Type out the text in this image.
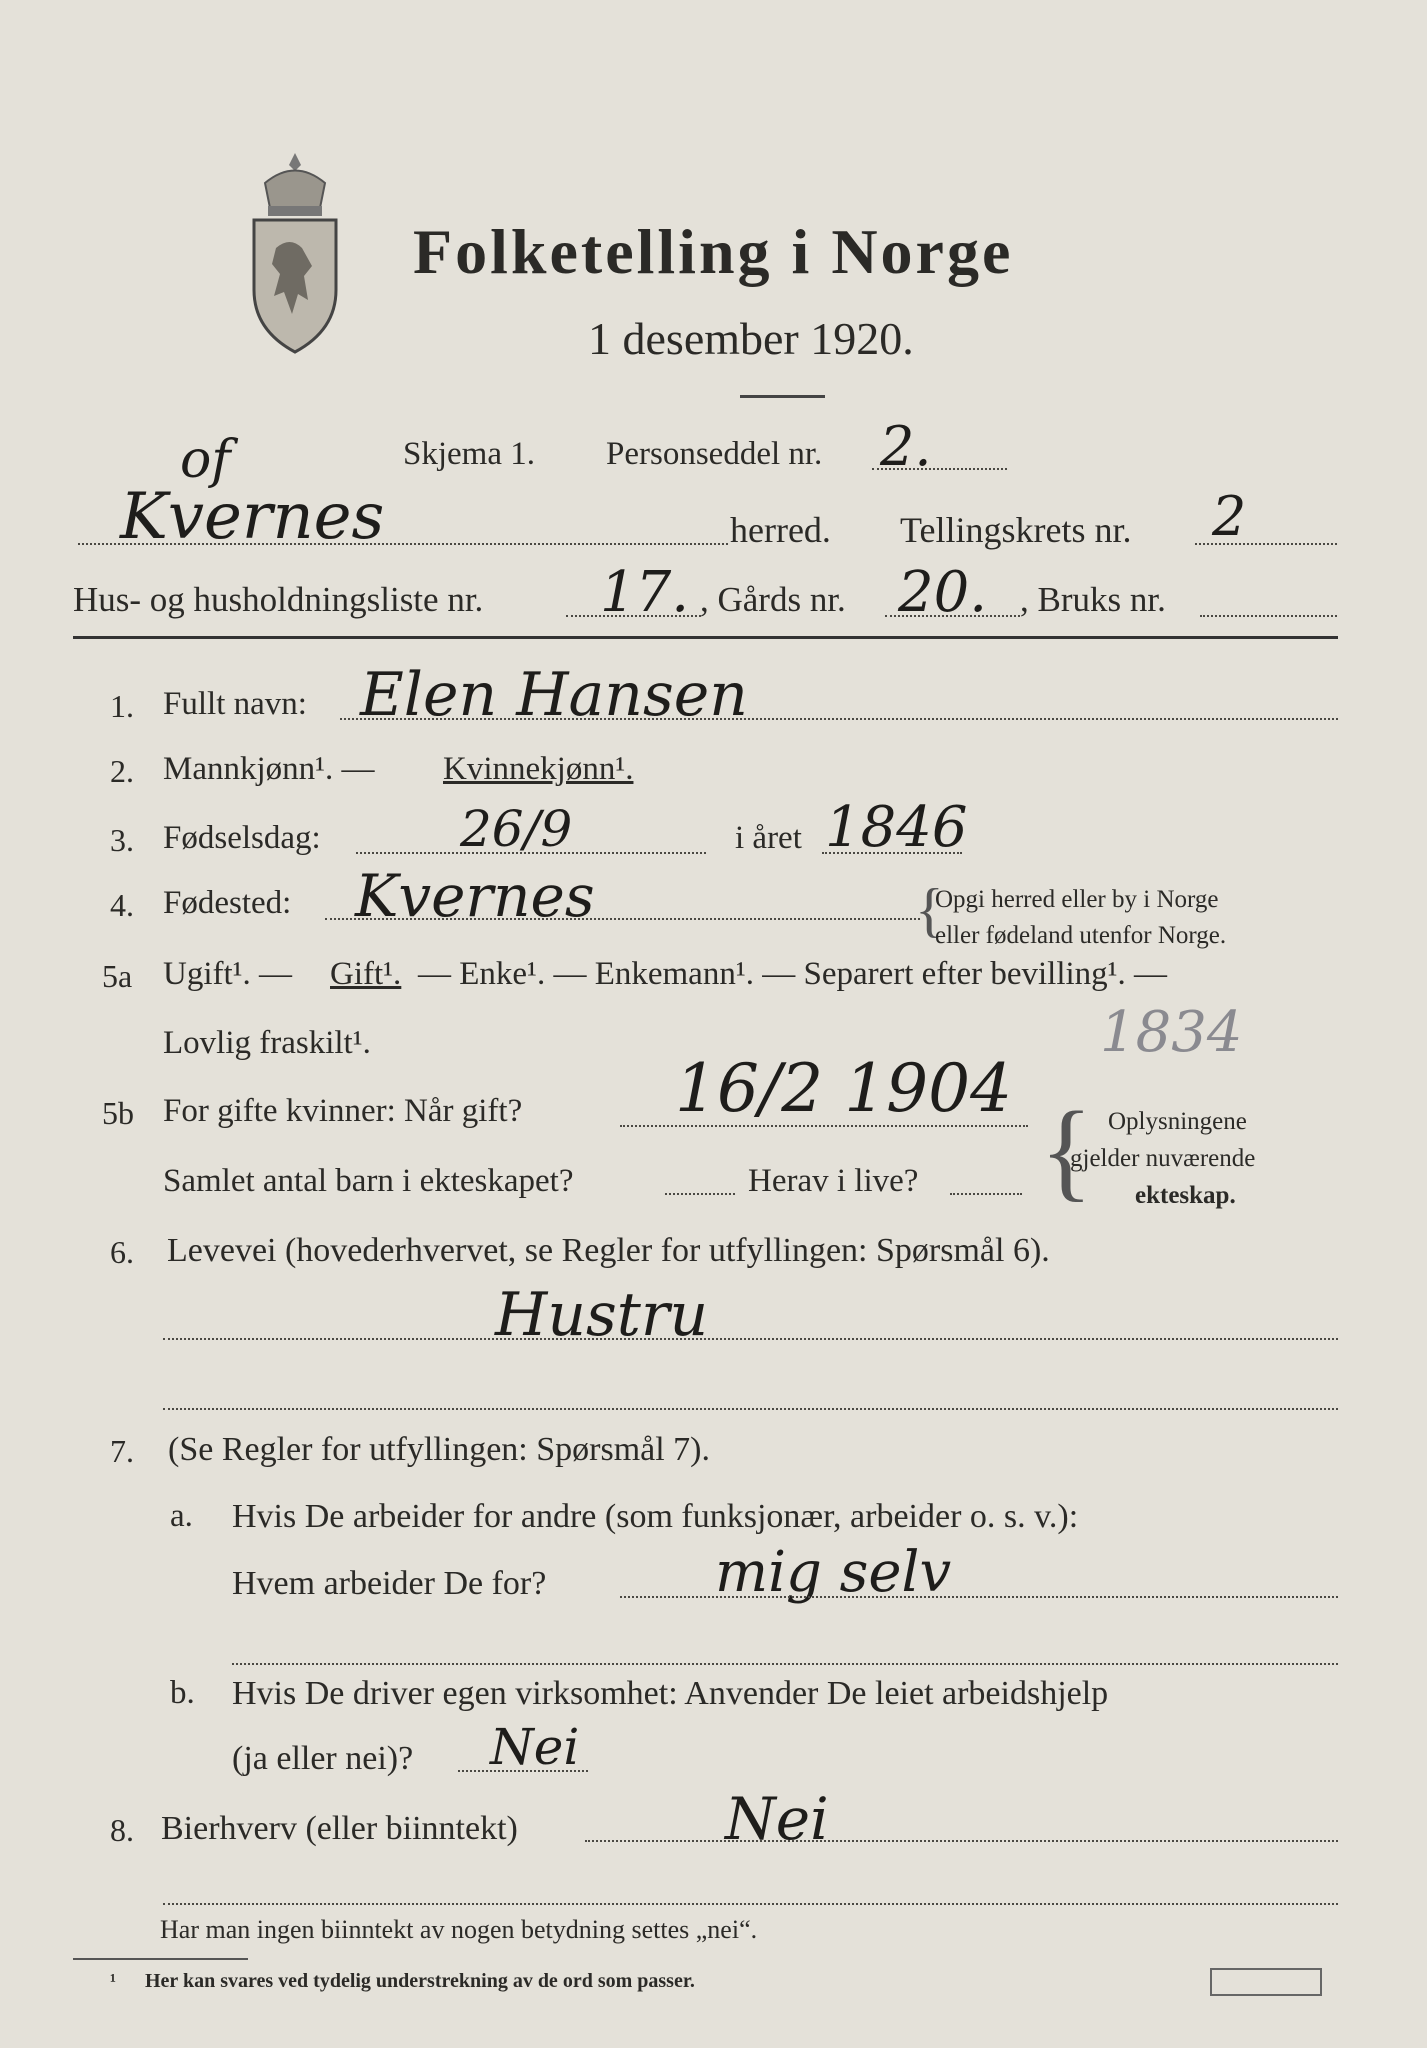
Folketelling i Norge
1 desember 1920.
of	Skjema 1. Personseddel nr. 2.
Kvernes	herred. Tellingskrets nr. 2
Hus- og husholdningsliste nr. 17. , Gårds nr. 20. , Bruks nr.
1. Fullt navn: Elen Hansen
2. Mannkjønn¹. — Kvinnekjønn¹.
3. Fødselsdag:	26/9	i året 1846
4. Fødested: Kvernes	{
Opgi herred eller by i Norge
eller fødeland utenfor Norge.
5a Ugift¹. — Gift¹. — Enke¹. — Enkemann¹. — Separert efter bevilling¹. —
Lovlig fraskilt¹.	1834
5b For gifte kvinner: Når gift? 16/2 1904
Samlet antal barn i ekteskapet?	Herav i live? { Oplysningene
gjelder nuværende
ekteskap.
6. Levevei (hovederhvervet, se Regler for utfyllingen: Spørsmål 6).
Hustru
7. (Se Regler for utfyllingen: Spørsmål 7).
a. Hvis De arbeider for andre (som funksjonær, arbeider o. s. v.):
Hvem arbeider De for?	mig selv
b. Hvis De driver egen virksomhet: Anvender De leiet arbeidshjelp
(ja eller nei)? Nei
8. Bierhverv (eller biinntekt)	Nei
Har man ingen biinntekt av nogen betydning settes „nei“.
¹ Her kan svares ved tydelig understrekning av de ord som passer.
